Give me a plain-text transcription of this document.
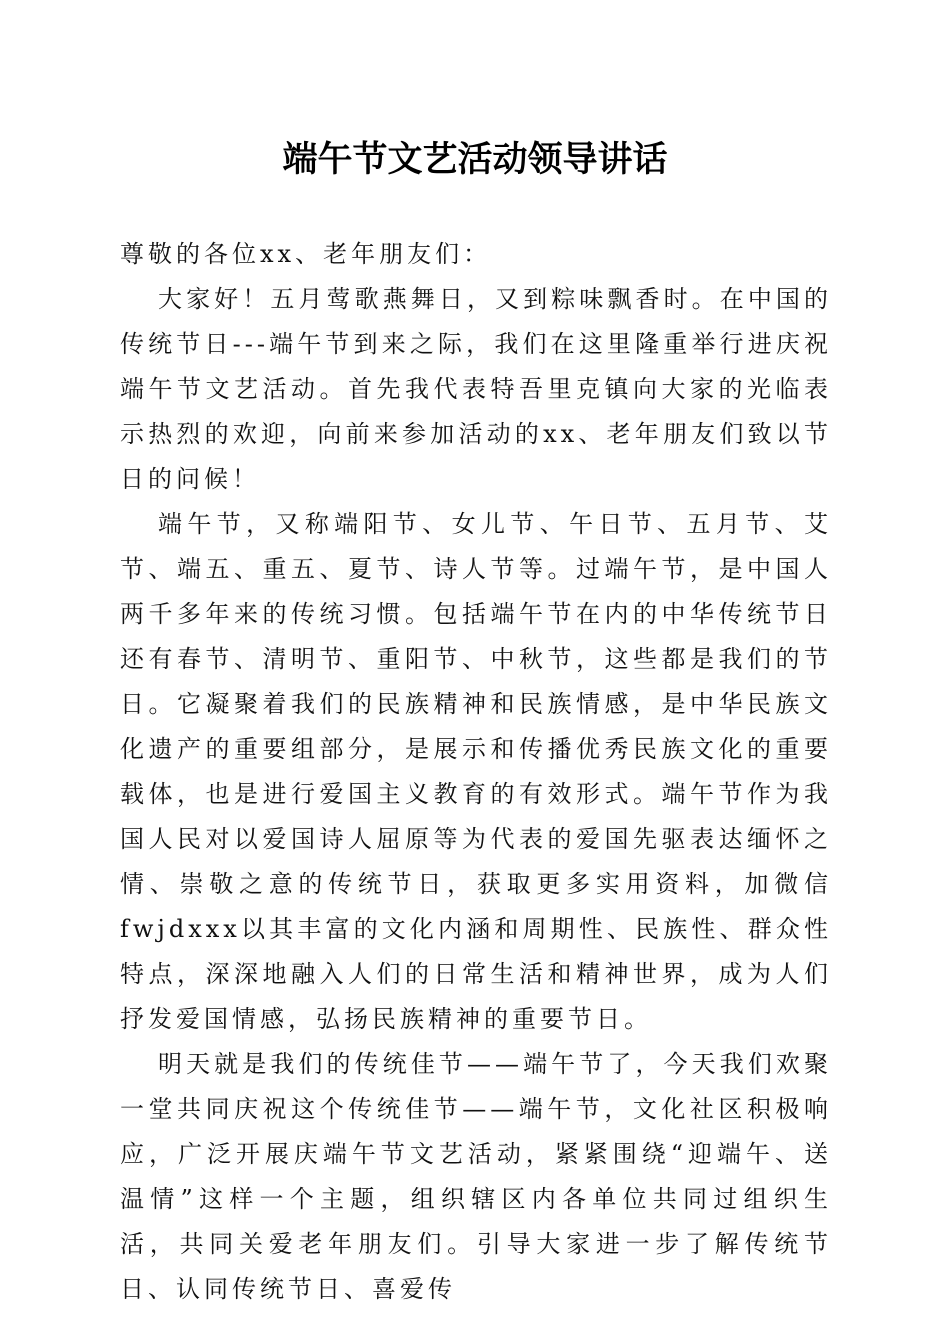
端午节文艺活动领导讲话

尊敬的各位xx、老年朋友们：

大家好！五月莺歌燕舞日，又到粽味飘香时。在中国的传统节日---端午节到来之际，我们在这里隆重举行进庆祝端午节文艺活动。首先我代表特吾里克镇向大家的光临表示热烈的欢迎，向前来参加活动的xx、老年朋友们致以节日的问候！

端午节，又称端阳节、女儿节、午日节、五月节、艾节、端五、重五、夏节、诗人节等。过端午节，是中国人两千多年来的传统习惯。包括端午节在内的中华传统节日还有春节、清明节、重阳节、中秋节，这些都是我们的节日。它凝聚着我们的民族精神和民族情感，是中华民族文化遗产的重要组部分，是展示和传播优秀民族文化的重要载体，也是进行爱国主义教育的有效形式。端午节作为我国人民对以爱国诗人屈原等为代表的爱国先驱表达缅怀之情、崇敬之意的传统节日，获取更多实用资料，加微信fwjdxxx以其丰富的文化内涵和周期性、民族性、群众性特点，深深地融入人们的日常生活和精神世界，成为人们抒发爱国情感，弘扬民族精神的重要节日。

明天就是我们的传统佳节——端午节了，今天我们欢聚一堂共同庆祝这个传统佳节——端午节，文化社区积极响应，广泛开展庆端午节文艺活动，紧紧围绕“迎端午、送温情”这样一个主题，组织辖区内各单位共同过组织生活，共同关爱老年朋友们。引导大家进一步了解传统节日、认同传统节日、喜爱传
